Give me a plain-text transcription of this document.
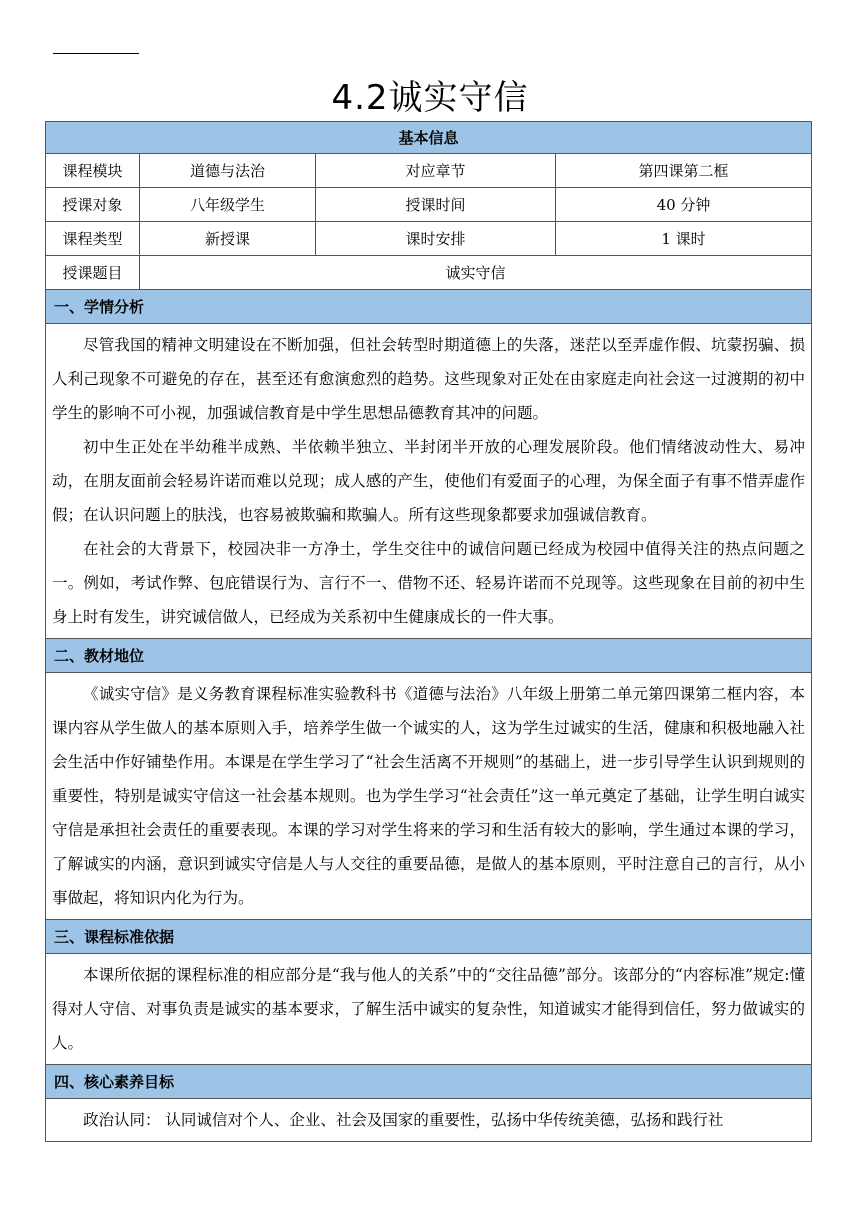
4.2诚实守信
基本信息			
课程模块	道德与法治	对应章节	第四课第二框
授课对象	八年级学生	授课时间	40 分钟
课程类型	新授课	课时安排	1 课时
授课题目	诚实守信		
一、学情分析			

尽管我国的精神文明建设在不断加强，但社会转型时期道德上的失落，迷茫以至弄虚作假、坑蒙拐骗、损人利己现象不可避免的存在，甚至还有愈演愈烈的趋势。这些现象对正处在由家庭走向社会这一过渡期的初中学生的影响不可小视，加强诚信教育是中学生思想品德教育其冲的问题。

初中生正处在半幼稚半成熟、半依赖半独立、半封闭半开放的心理发展阶段。他们情绪波动性大、易冲动，在朋友面前会轻易许诺而难以兑现；成人感的产生，使他们有爱面子的心理，为保全面子有事不惜弄虚作假；在认识问题上的肤浅，也容易被欺骗和欺骗人。所有这些现象都要求加强诚信教育。

在社会的大背景下，校园决非一方净土，学生交往中的诚信问题已经成为校园中值得关注的热点问题之一。例如，考试作弊、包庇错误行为、言行不一、借物不还、轻易许诺而不兑现等。这些现象在目前的初中生身上时有发生，讲究诚信做人，已经成为关系初中生健康成长的一件大事。			

二、教材地位			

《诚实守信》是义务教育课程标准实验教科书《道德与法治》八年级上册第二单元第四课第二框内容，本课内容从学生做人的基本原则入手，培养学生做一个诚实的人，这为学生过诚实的生活，健康和积极地融入社会生活中作好铺垫作用。本课是在学生学习了“社会生活离不开规则”的基础上，进一步引导学生认识到规则的重要性，特别是诚实守信这一社会基本规则。也为学生学习“社会责任”这一单元奠定了基础，让学生明白诚实守信是承担社会责任的重要表现。本课的学习对学生将来的学习和生活有较大的影响，学生通过本课的学习，了解诚实的内涵，意识到诚实守信是人与人交往的重要品德，是做人的基本原则，平时注意自己的言行，从小事做起，将知识内化为行为。			

三、课程标准依据			

本课所依据的课程标准的相应部分是“我与他人的关系”中的“交往品德”部分。该部分的“内容标准”规定:懂得对人守信、对事负责是诚实的基本要求，了解生活中诚实的复杂性，知道诚实才能得到信任，努力做诚实的人。			

四、核心素养目标			

政治认同： 认同诚信对个人、企业、社会及国家的重要性，弘扬中华传统美德，弘扬和践行社			
